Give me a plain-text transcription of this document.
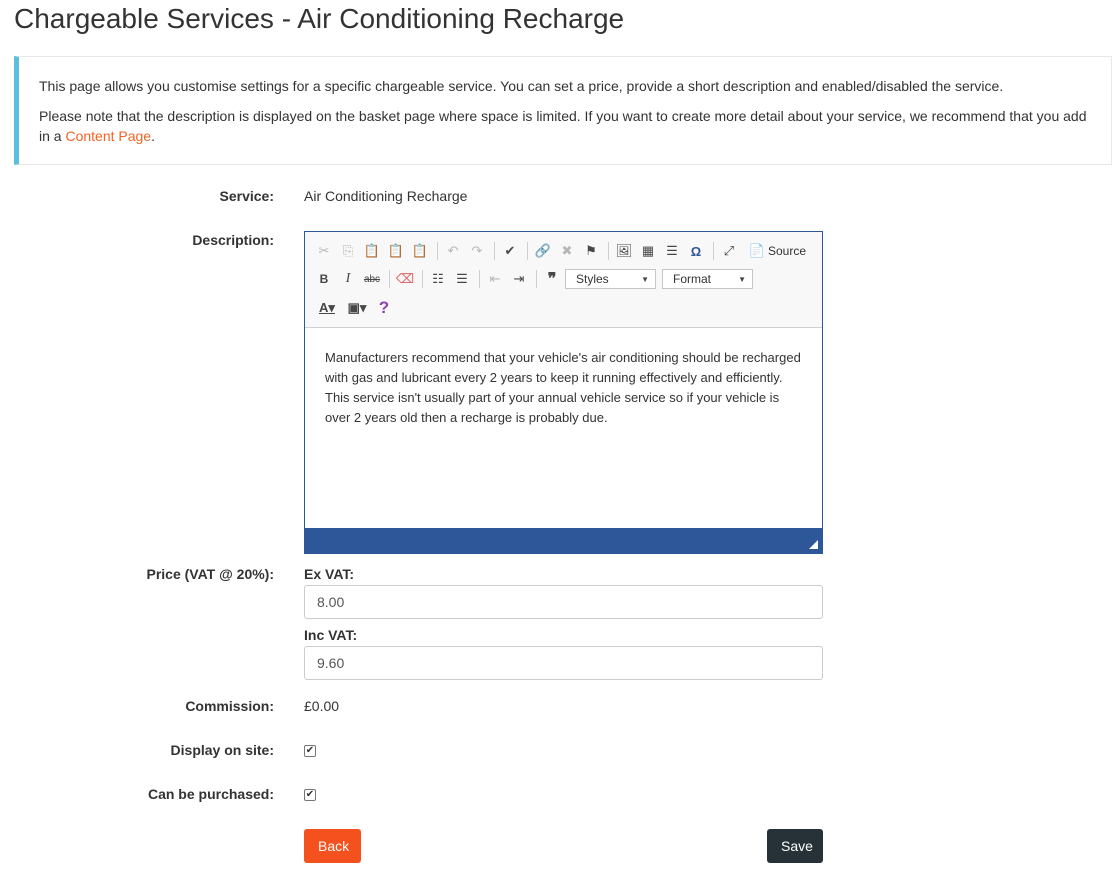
Chargeable Services - Air Conditioning Recharge

This page allows you customise settings for a specific chargeable service. You can set a price, provide a short description and enabled/disabled the service.

Please note that the description is displayed on the basket page where space is limited. If you want to create more detail about your service, we recommend that you add in a Content Page.

Service: Air Conditioning Recharge
Description:
✂	⎘ 📋 📋 📋	↶	↷	✔	🔗 ✖ ⚑	🖼 ▦ ☰ Ω	⤢	📄 Source
B	I	abc ⌫	☷ ☰	⇤	⇥	❞	Styles	▼ Format	▼
A▾ ▣▾ ?
Manufacturers recommend that your vehicle's air conditioning should be recharged with gas and lubricant every 2 years to keep it running effectively and efficiently. This service isn't usually part of your annual vehicle service so if your vehicle is over 2 years old then a recharge is probably due.
Price (VAT @ 20%): Ex VAT:
8.00
Inc VAT:
9.60
Commission: £0.00
Display on site:	✔
Can be purchased:	✔
Back	Save
